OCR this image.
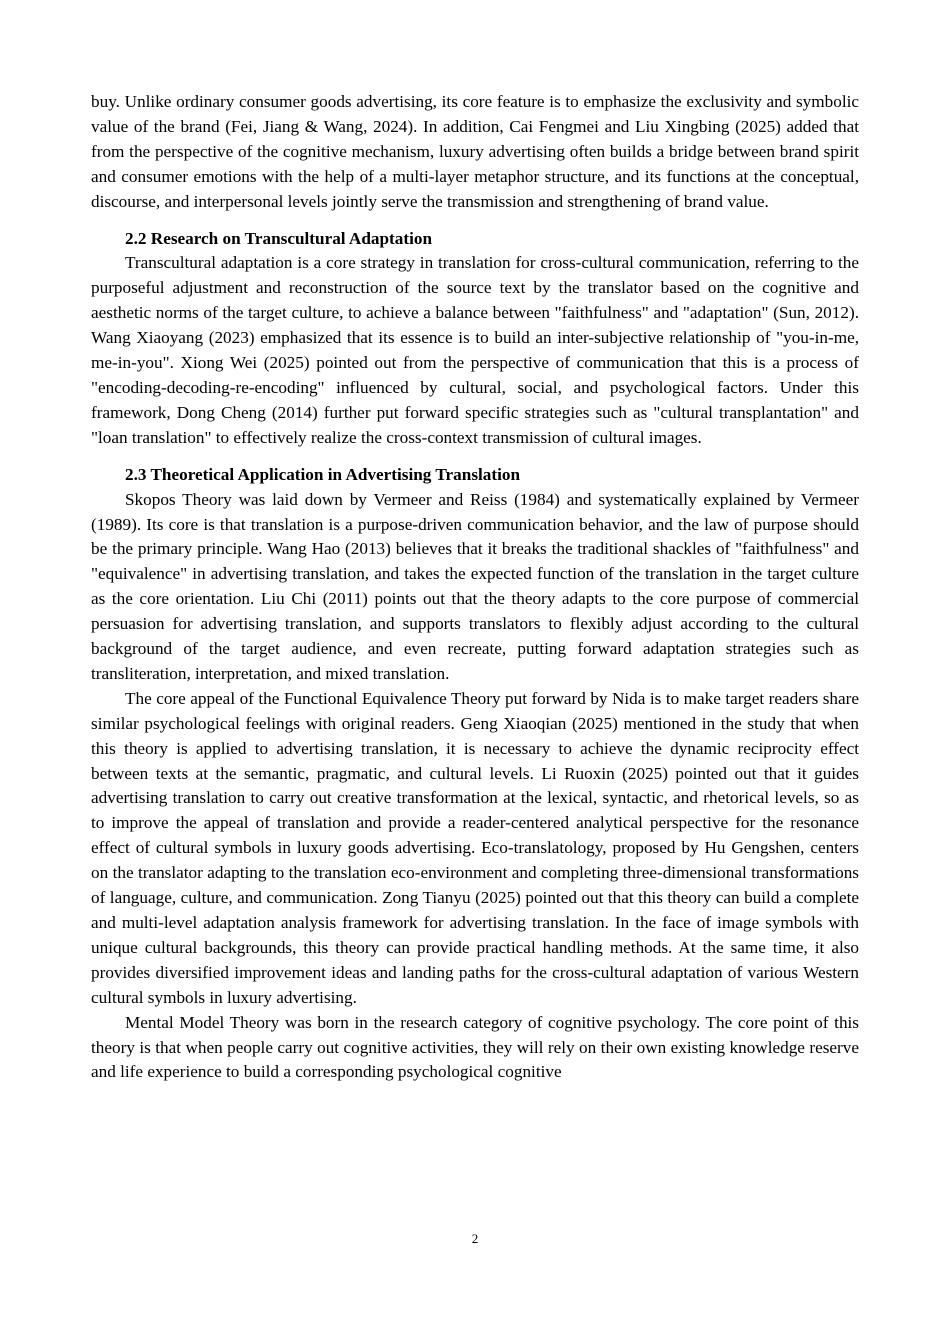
buy. Unlike ordinary consumer goods advertising, its core feature is to emphasize the exclusivity and symbolic value of the brand (Fei, Jiang & Wang, 2024). In addition, Cai Fengmei and Liu Xingbing (2025) added that from the perspective of the cognitive mechanism, luxury advertising often builds a bridge between brand spirit and consumer emotions with the help of a multi-layer metaphor structure, and its functions at the conceptual, discourse, and interpersonal levels jointly serve the transmission and strengthening of brand value.

2.2 Research on Transcultural Adaptation

Transcultural adaptation is a core strategy in translation for cross-cultural communication, referring to the purposeful adjustment and reconstruction of the source text by the translator based on the cognitive and aesthetic norms of the target culture, to achieve a balance between "faithfulness" and "adaptation" (Sun, 2012). Wang Xiaoyang (2023) emphasized that its essence is to build an inter-subjective relationship of "you-in-me, me-in-you". Xiong Wei (2025) pointed out from the perspective of communication that this is a process of "encoding-decoding-re-encoding" influenced by cultural, social, and psychological factors. Under this framework, Dong Cheng (2014) further put forward specific strategies such as "cultural transplantation" and "loan translation" to effectively realize the cross-context transmission of cultural images.

2.3 Theoretical Application in Advertising Translation

Skopos Theory was laid down by Vermeer and Reiss (1984) and systematically explained by Vermeer (1989). Its core is that translation is a purpose-driven communication behavior, and the law of purpose should be the primary principle. Wang Hao (2013) believes that it breaks the traditional shackles of "faithfulness" and "equivalence" in advertising translation, and takes the expected function of the translation in the target culture as the core orientation. Liu Chi (2011) points out that the theory adapts to the core purpose of commercial persuasion for advertising translation, and supports translators to flexibly adjust according to the cultural background of the target audience, and even recreate, putting forward adaptation strategies such as transliteration, interpretation, and mixed translation.

The core appeal of the Functional Equivalence Theory put forward by Nida is to make target readers share similar psychological feelings with original readers. Geng Xiaoqian (2025) mentioned in the study that when this theory is applied to advertising translation, it is necessary to achieve the dynamic reciprocity effect between texts at the semantic, pragmatic, and cultural levels. Li Ruoxin (2025) pointed out that it guides advertising translation to carry out creative transformation at the lexical, syntactic, and rhetorical levels, so as to improve the appeal of translation and provide a reader-centered analytical perspective for the resonance effect of cultural symbols in luxury goods advertising. Eco-translatology, proposed by Hu Gengshen, centers on the translator adapting to the translation eco-environment and completing three-dimensional transformations of language, culture, and communication. Zong Tianyu (2025) pointed out that this theory can build a complete and multi-level adaptation analysis framework for advertising translation. In the face of image symbols with unique cultural backgrounds, this theory can provide practical handling methods. At the same time, it also provides diversified improvement ideas and landing paths for the cross-cultural adaptation of various Western cultural symbols in luxury advertising.

Mental Model Theory was born in the research category of cognitive psychology. The core point of this theory is that when people carry out cognitive activities, they will rely on their own existing knowledge reserve and life experience to build a corresponding psychological cognitive

2
